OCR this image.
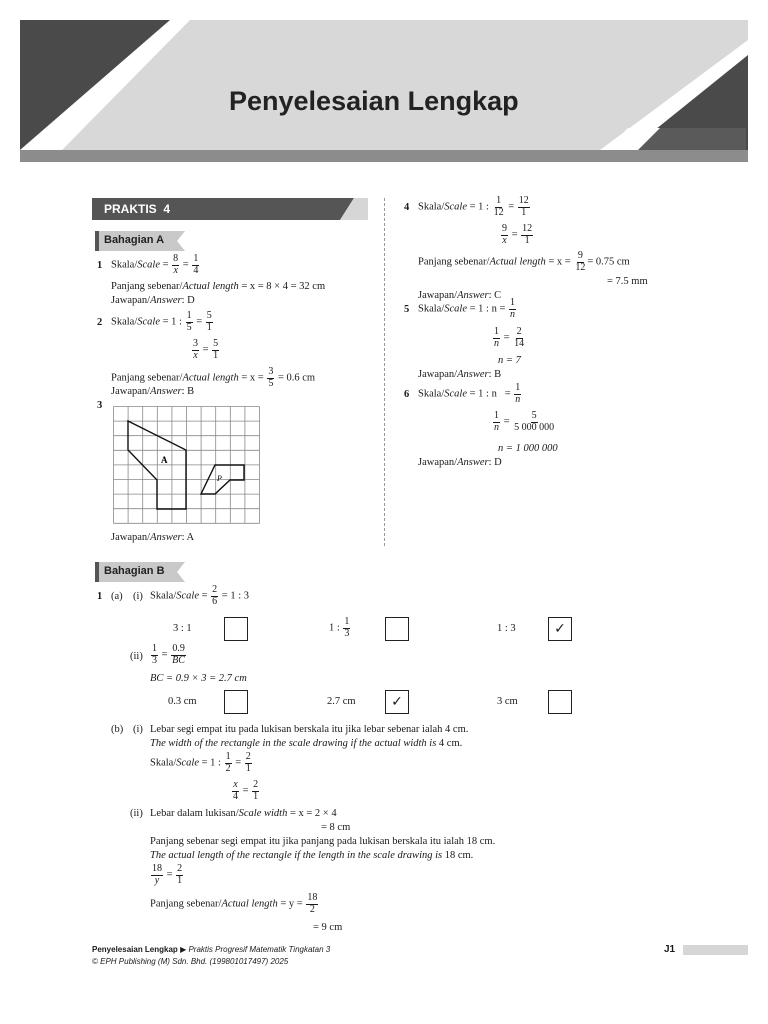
Penyelesaian Lengkap
PRAKTIS 4
Bahagian A
1 Skala/Scale = $\frac{8}{x} = \frac{1}{4}$
Panjang sebenar/Actual length = x = 8 × 4 = 32 cm
Jawapan/Answer: D
2 Skala/Scale = 1 : $\frac{1}{5} = \frac{5}{1}$
$\frac{3}{x} = \frac{5}{1}$
Panjang sebenar/Actual length = $x = \frac{3}{5} = 0.6$ cm
Jawapan/Answer: B
3
A
P
Jawapan/Answer: A
4 Skala/Scale = 1 : $\frac{1}{12} = \frac{12}{1}$
$\frac{9}{x} = \frac{12}{1}$
Panjang sebenar/Actual length = $x = \frac{9}{12} = 0.75$ cm
= 7.5 mm
Jawapan/Answer: C
5 Skala/Scale = 1 : $n = \frac{1}{n}$
$\frac{1}{n} = \frac{2}{14}$
n = 7
Jawapan/Answer: B
6 Skala/Scale = 1 : $n = \frac{1}{n}$
$\frac{1}{n} = \frac{5}{5 000 000}$
n = 1 000 000
Jawapan/Answer: D
Bahagian B
1 (a) (i) Skala/Scale = $\frac{2}{6} = 1$ : 3
3 : 1	1 : $\frac{1}{3}$	1 : 3	✓
$(ii) \frac{1}{3} = \frac{0.9}{BC}$
BC = 0.9 × 3 = 2.7 cm
0.3 cm	2.7 cm	✓	3 cm
(b) (i) Lebar segi empat itu pada lukisan berskala itu jika lebar sebenar ialah 4 cm.
The width of the rectangle in the scale drawing if the actual width is 4 cm.
Skala/Scale = 1 : $\frac{1}{2} = \frac{2}{1}$
$\frac{x}{4} = \frac{2}{1}$
(ii) Lebar dalam lukisan/Scale width = x = 2 × 4
= 8 cm
Panjang sebenar segi empat itu jika panjang pada lukisan berskala itu ialah 18 cm.
The actual length of the rectangle if the length in the scale drawing is 18 cm.
$\frac{18}{y} = \frac{2}{1}$
Panjang sebenar/Actual length = $y = \frac{18}{2}$
= 9 cm
Penyelesaian Lengkap ▶ Praktis Progresif Matematik Tingkatan 3
© EPH Publishing (M) Sdn. Bhd. (199801017497) 2025
J1
